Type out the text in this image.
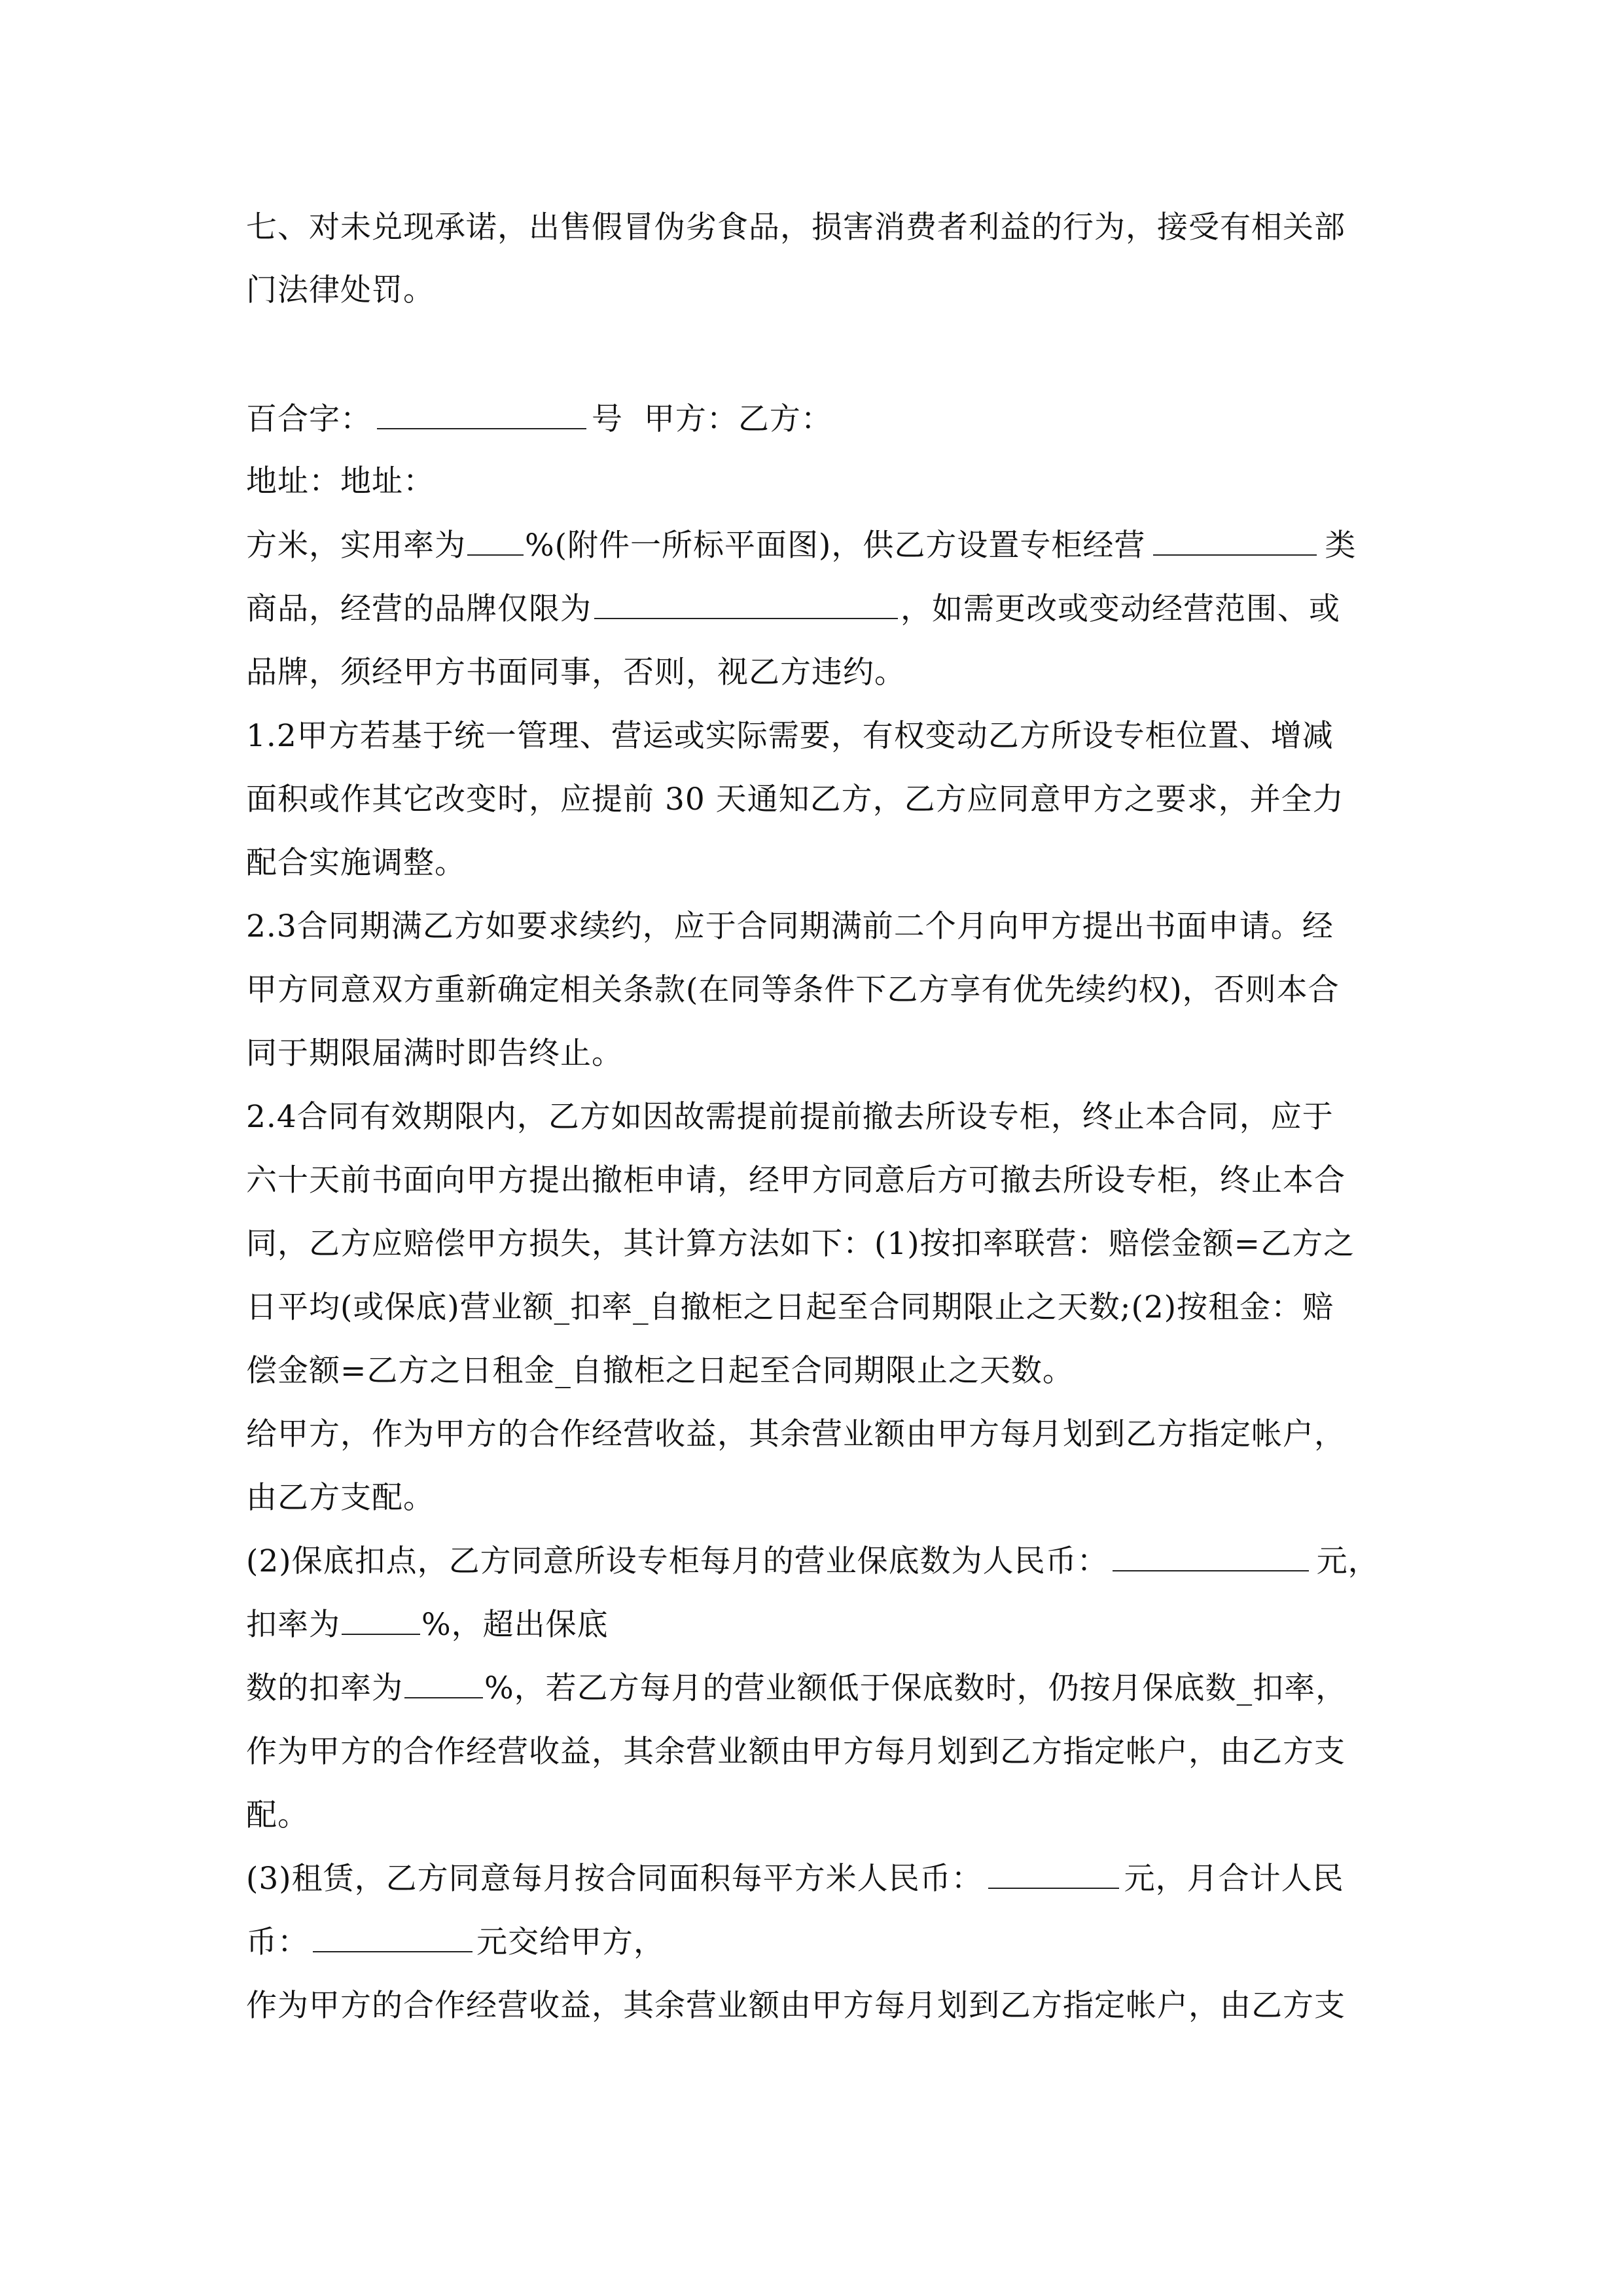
七、对未兑现承诺，出售假冒伪劣食品，损害消费者利益的行为，接受有相关部
门法律处罚。
百合字：	号  甲方：乙方：
地址：地址：
方米，实用率为 %(附件一所标平面图)，供乙方设置专柜经营	类
商品，经营的品牌仅限为	，如需更改或变动经营范围、或
品牌，须经甲方书面同事，否则，视乙方违约。
1.2甲方若基于统一管理、营运或实际需要，有权变动乙方所设专柜位置、增减
面积或作其它改变时，应提前 30 天通知乙方，乙方应同意甲方之要求，并全力
配合实施调整。
2.3合同期满乙方如要求续约，应于合同期满前二个月向甲方提出书面申请。经
甲方同意双方重新确定相关条款(在同等条件下乙方享有优先续约权)，否则本合
同于期限届满时即告终止。
2.4合同有效期限内，乙方如因故需提前提前撤去所设专柜，终止本合同，应于
六十天前书面向甲方提出撤柜申请，经甲方同意后方可撤去所设专柜，终止本合
同，乙方应赔偿甲方损失，其计算方法如下：(1)按扣率联营：赔偿金额=乙方之
日平均(或保底)营业额_扣率_自撤柜之日起至合同期限止之天数;(2)按租金：赔
偿金额=乙方之日租金_自撤柜之日起至合同期限止之天数。
给甲方，作为甲方的合作经营收益，其余营业额由甲方每月划到乙方指定帐户，
由乙方支配。
(2)保底扣点，乙方同意所设专柜每月的营业保底数为人民币：	元，
扣率为	%，超出保底
数的扣率为	%，若乙方每月的营业额低于保底数时，仍按月保底数_扣率，
作为甲方的合作经营收益，其余营业额由甲方每月划到乙方指定帐户，由乙方支
配。
(3)租赁，乙方同意每月按合同面积每平方米人民币：	元，月合计人民
币：	元交给甲方，
作为甲方的合作经营收益，其余营业额由甲方每月划到乙方指定帐户，由乙方支
